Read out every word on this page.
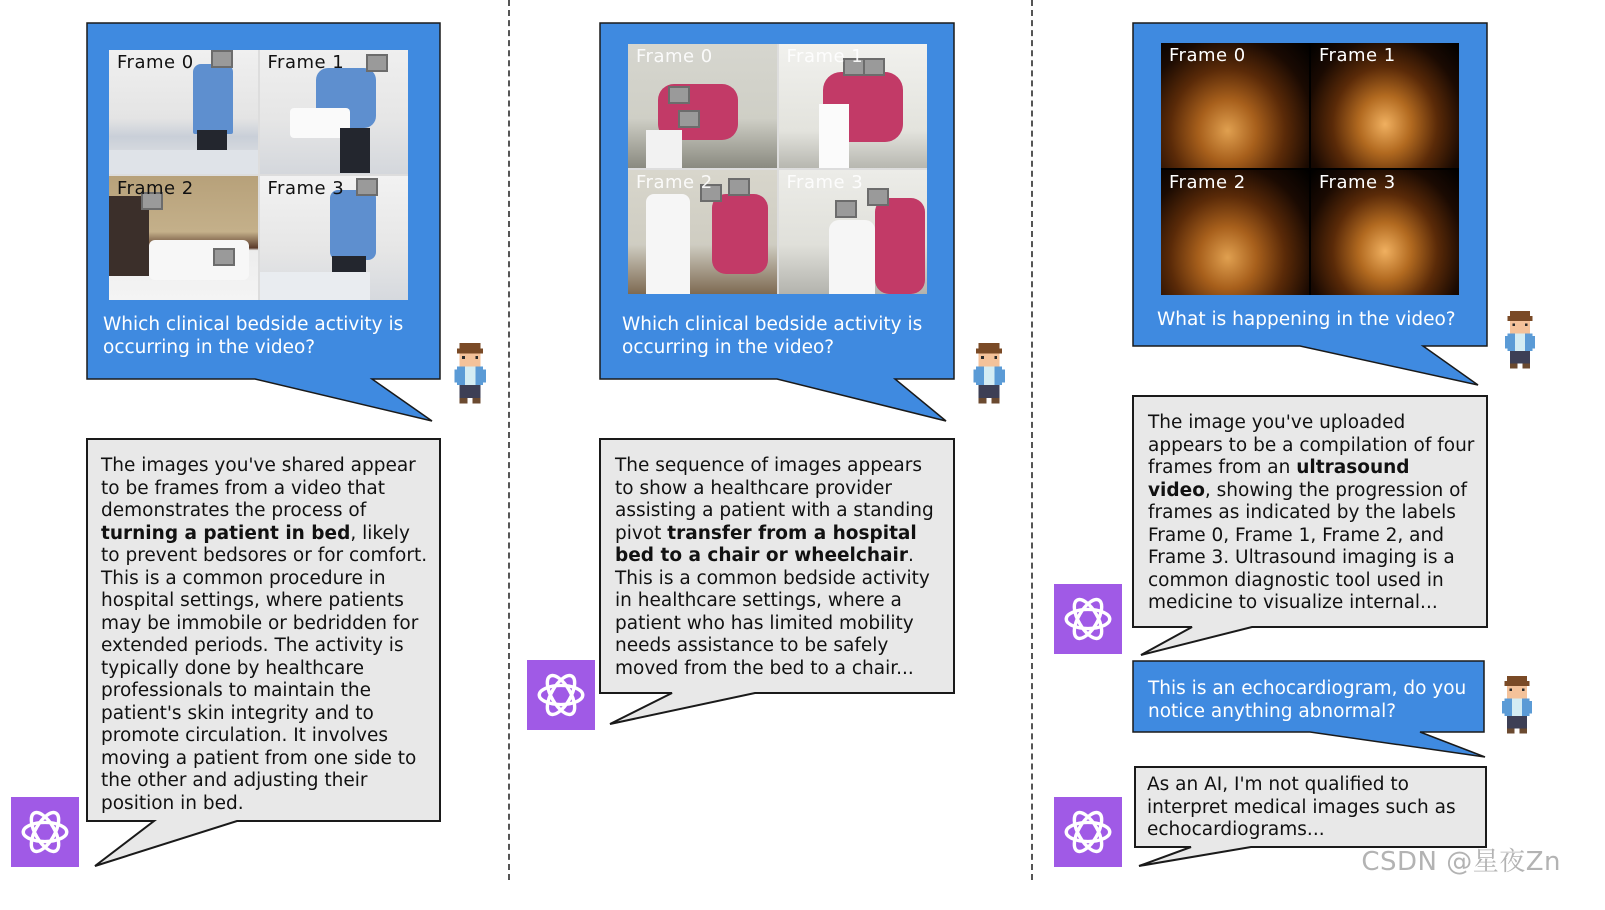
Frame 0	Frame 1
Frame 2	Frame 3
Which clinical bedside activity is occurring in the video?

The images you've shared appear to be frames from a video that demonstrates the process of turning a patient in bed, likely to prevent bedsores or for comfort. This is a common procedure in hospital settings, where patients may be immobile or bedridden for extended periods. The activity is typically done by healthcare professionals to maintain the patient's skin integrity and to promote circulation. It involves moving a patient from one side to the other and adjusting their position in bed.

Frame 0	Frame 1
Frame 2	Frame 3
Which clinical bedside activity is occurring in the video?

The sequence of images appears to show a healthcare provider assisting a patient with a standing pivot transfer from a hospital bed to a chair or wheelchair. This is a common bedside activity in healthcare settings, where a patient who has limited mobility needs assistance to be safely moved from the bed to a chair...

Frame 0	Frame 1
Frame 2	Frame 3
What is happening in the video?

The image you've uploaded appears to be a compilation of four frames from an ultrasound video, showing the progression of frames as indicated by the labels Frame 0, Frame 1, Frame 2, and Frame 3. Ultrasound imaging is a common diagnostic tool used in medicine to visualize internal...

This is an echocardiogram, do you notice anything abnormal?

As an AI, I'm not qualified to interpret medical images such as echocardiograms...

CSDN @星夜Zn
